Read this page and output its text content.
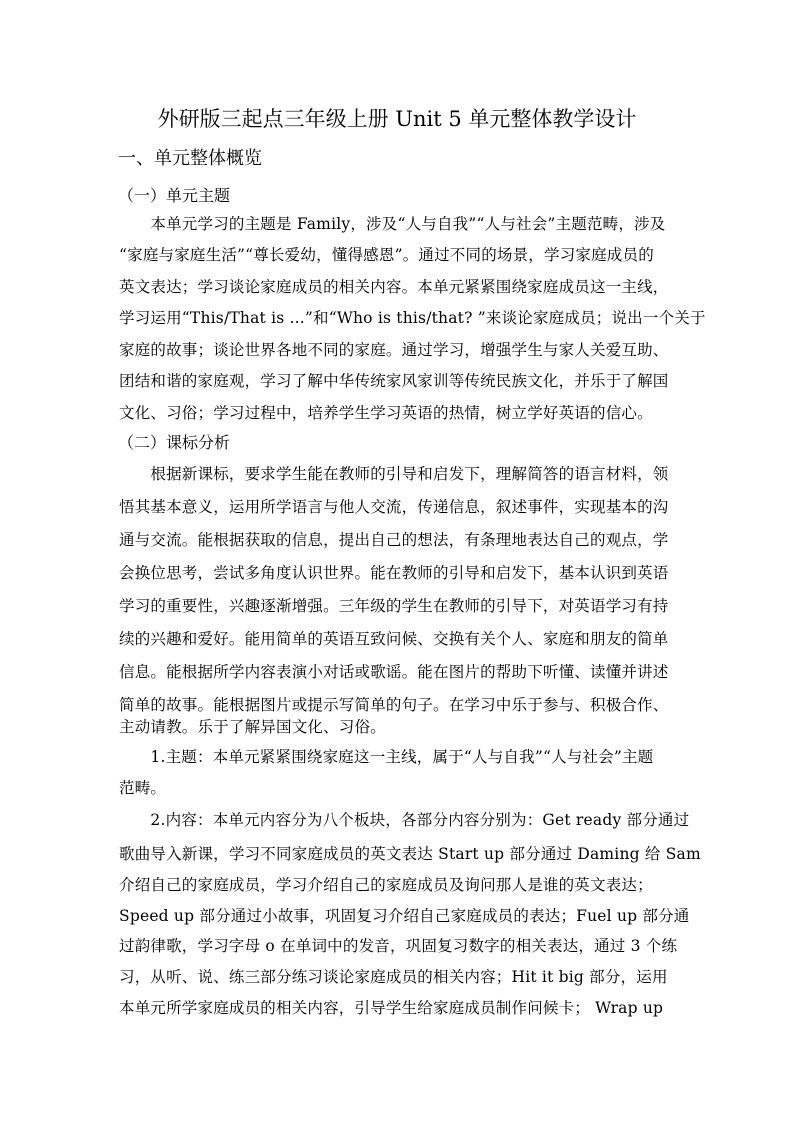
外研版三起点三年级上册 Unit 5 单元整体教学设计
一、单元整体概览
（一）单元主题
　　本单元学习的主题是 Family，涉及“人与自我”“人与社会”主题范畴，涉及
“家庭与家庭生活”“尊长爱幼，懂得感恩”。通过不同的场景，学习家庭成员的
英文表达；学习谈论家庭成员的相关内容。本单元紧紧围绕家庭成员这一主线，
学习运用“This/That is ...”和“Who is this/that? ”来谈论家庭成员；说出一个关于
家庭的故事；谈论世界各地不同的家庭。通过学习，增强学生与家人关爱互助、
团结和谐的家庭观，学习了解中华传统家风家训等传统民族文化，并乐于了解国
文化、习俗；学习过程中，培养学生学习英语的热情，树立学好英语的信心。
（二）课标分析
　　根据新课标，要求学生能在教师的引导和启发下，理解简答的语言材料，领
悟其基本意义，运用所学语言与他人交流，传递信息，叙述事件，实现基本的沟
通与交流。能根据获取的信息，提出自己的想法，有条理地表达自己的观点，学
会换位思考，尝试多角度认识世界。能在教师的引导和启发下，基本认识到英语
学习的重要性，兴趣逐渐增强。三年级的学生在教师的引导下，对英语学习有持
续的兴趣和爱好。能用简单的英语互致问候、交换有关个人、家庭和朋友的简单
信息。能根据所学内容表演小对话或歌谣。能在图片的帮助下听懂、读懂并讲述
简单的故事。能根据图片或提示写简单的句子。在学习中乐于参与、积极合作、
主动请教。乐于了解异国文化、习俗。
　　1.主题：本单元紧紧围绕家庭这一主线，属于“人与自我”“人与社会”主题
范畴。
　　2.内容：本单元内容分为八个板块，各部分内容分别为：Get ready 部分通过
歌曲导入新课，学习不同家庭成员的英文表达 Start up 部分通过 Daming 给 Sam
介绍自己的家庭成员，学习介绍自己的家庭成员及询问那人是谁的英文表达；
Speed up 部分通过小故事，巩固复习介绍自己家庭成员的表达；Fuel up 部分通
过韵律歌，学习字母 o 在单词中的发音，巩固复习数字的相关表达，通过 3 个练
习，从听、说、练三部分练习谈论家庭成员的相关内容；Hit it big 部分，运用
本单元所学家庭成员的相关内容，引导学生给家庭成员制作问候卡； Wrap up
